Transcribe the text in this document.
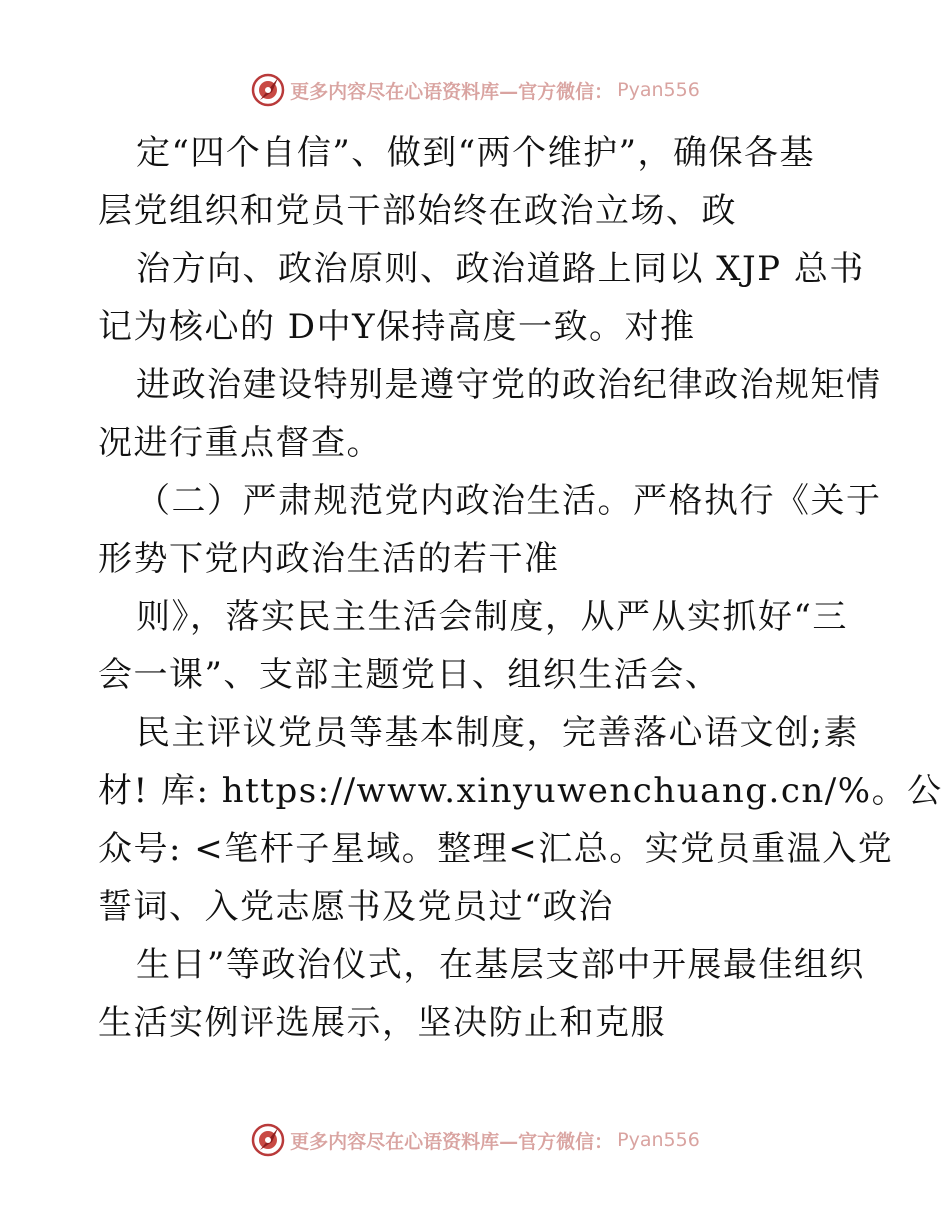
更多内容尽在心语资料库—官方微信： Pyan556
定“四个自信”、做到“两个维护”，确保各基
层党组织和党员干部始终在政治立场、政
治方向、政治原则、政治道路上同以 XJP 总书
记为核心的 D中Y保持高度一致。对推
进政治建设特别是遵守党的政治纪律政治规矩情
况进行重点督查。
（二）严肃规范党内政治生活。严格执行《关于
形势下党内政治生活的若干准
则》，落实民主生活会制度，从严从实抓好“三
会一课”、支部主题党日、组织生活会、
民主评议党员等基本制度，完善落心语文创;素
材! 库: https://www.xinyuwenchuang.cn/%。公
众号: <笔杆子星域。整理<汇总。实党员重温入党
誓词、入党志愿书及党员过“政治
生日”等政治仪式，在基层支部中开展最佳组织
生活实例评选展示，坚决防止和克服
更多内容尽在心语资料库—官方微信： Pyan556
